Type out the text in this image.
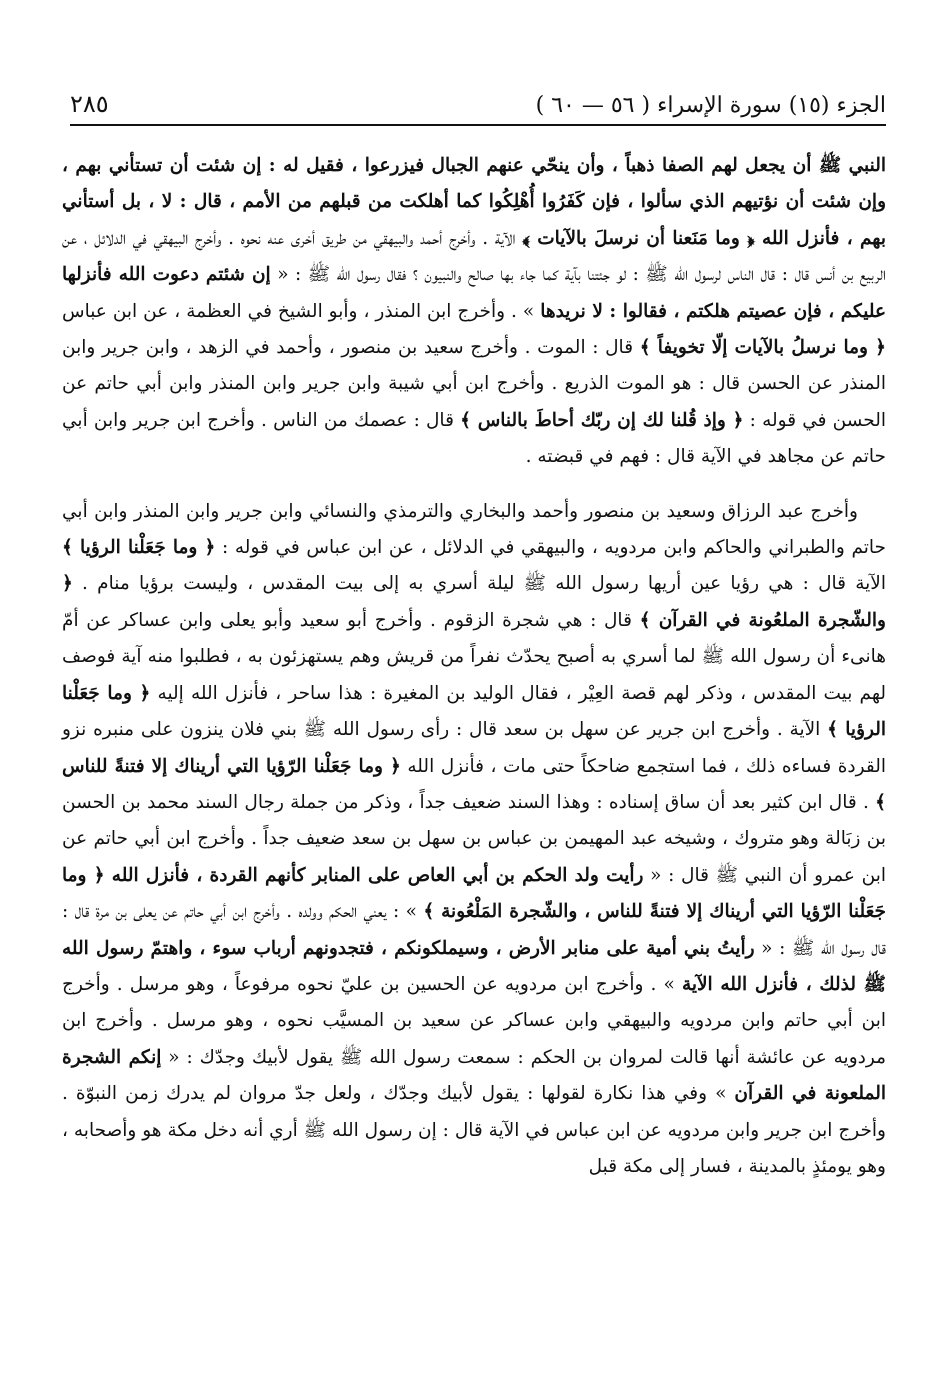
الجزء (١٥) سورة الإسراء ( ٥٦ — ٦٠ )
٢٨٥

النبي ﷺ أن يجعل لهم الصفا ذهباً ، وأن ينحّي عنهم الجبال فيزرعوا ، فقيل له : إن شئت أن تستأني بهم ، وإن شئت أن نؤتيهم الذي سألوا ، فإن كَفَرُوا أُهْلِكُوا كما أهلكت من قبلهم من الأمم ، قال : لا ، بل أستأني بهم ، فأنزل الله ﴿ وما مَنَعنا أن نرسلَ بالآيات ﴾ الآية . وأخرج أحمد والبيهقي من طريق أخرى عنه نحوه . وأخرج البيهقي في الدلائل ، عن الربيع بن أنس قال : قال الناس لرسول الله ﷺ : لو جئتنا بآية كما جاء بها صالح والنبيون ؟ فقال رسول الله ﷺ : « إن شئتم دعوت الله فأنزلها عليكم ، فإن عصيتم هلكتم ، فقالوا : لا نريدها » . وأخرج ابن المنذر ، وأبو الشيخ في العظمة ، عن ابن عباس ﴿ وما نرسلُ بالآيات إلّا تخويفاً ﴾ قال : الموت . وأخرج سعيد بن منصور ، وأحمد في الزهد ، وابن جرير وابن المنذر عن الحسن قال : هو الموت الذريع . وأخرج ابن أبي شيبة وابن جرير وابن المنذر وابن أبي حاتم عن الحسن في قوله : ﴿ وإذ قُلنا لك إن ربّك أحاطَ بالناس ﴾ قال : عصمك من الناس . وأخرج ابن جرير وابن أبي حاتم عن مجاهد في الآية قال : فهم في قبضته .

وأخرج عبد الرزاق وسعيد بن منصور وأحمد والبخاري والترمذي والنسائي وابن جرير وابن المنذر وابن أبي حاتم والطبراني والحاكم وابن مردويه ، والبيهقي في الدلائل ، عن ابن عباس في قوله : ﴿ وما جَعَلْنا الرؤيا ﴾ الآية قال : هي رؤيا عين أريها رسول الله ﷺ ليلة أسري به إلى بيت المقدس ، وليست برؤيا منام . ﴿ والشّجرة الملعُونة في القرآن ﴾ قال : هي شجرة الزقوم . وأخرج أبو سعيد وأبو يعلى وابن عساكر عن أمّ هانىء أن رسول الله ﷺ لما أسري به أصبح يحدّث نفراً من قريش وهم يستهزئون به ، فطلبوا منه آية فوصف لهم بيت المقدس ، وذكر لهم قصة العِيْر ، فقال الوليد بن المغيرة : هذا ساحر ، فأنزل الله إليه ﴿ وما جَعَلْنا الرؤيا ﴾ الآية . وأخرج ابن جرير عن سهل بن سعد قال : رأى رسول الله ﷺ بني فلان ينزون على منبره نزو القردة فساءه ذلك ، فما استجمع ضاحكاً حتى مات ، فأنزل الله ﴿ وما جَعَلْنا الرّؤيا التي أريناك إلا فتنةً للناس ﴾ . قال ابن كثير بعد أن ساق إسناده : وهذا السند ضعيف جداً ، وذكر من جملة رجال السند محمد بن الحسن بن زبَالة وهو متروك ، وشيخه عبد المهيمن بن عباس بن سهل بن سعد ضعيف جداً . وأخرج ابن أبي حاتم عن ابن عمرو أن النبي ﷺ قال : « رأيت ولد الحكم بن أبي العاص على المنابر كأنهم القردة ، فأنزل الله ﴿ وما جَعَلْنا الرّؤيا التي أريناك إلا فتنةً للناس ، والشّجرة المَلْعُونة ﴾ » : يعني الحكم وولده . وأخرج ابن أبي حاتم عن يعلى بن مرة قال : قال رسول الله ﷺ : « رأيتُ بني أمية على منابر الأرض ، وسيملكونكم ، فتجدونهم أرباب سوء ، واهتمّ رسول الله ﷺ لذلك ، فأنزل الله الآية » . وأخرج ابن مردويه عن الحسين بن عليّ نحوه مرفوعاً ، وهو مرسل . وأخرج ابن أبي حاتم وابن مردويه والبيهقي وابن عساكر عن سعيد بن المسيَّب نحوه ، وهو مرسل . وأخرج ابن مردويه عن عائشة أنها قالت لمروان بن الحكم : سمعت رسول الله ﷺ يقول لأبيك وجدّك : « إنكم الشجرة الملعونة في القرآن » وفي هذا نكارة لقولها : يقول لأبيك وجدّك ، ولعل جدّ مروان لم يدرك زمن النبوّة . وأخرج ابن جرير وابن مردويه عن ابن عباس في الآية قال : إن رسول الله ﷺ أري أنه دخل مكة هو وأصحابه ، وهو يومئذٍ بالمدينة ، فسار إلى مكة قبل
